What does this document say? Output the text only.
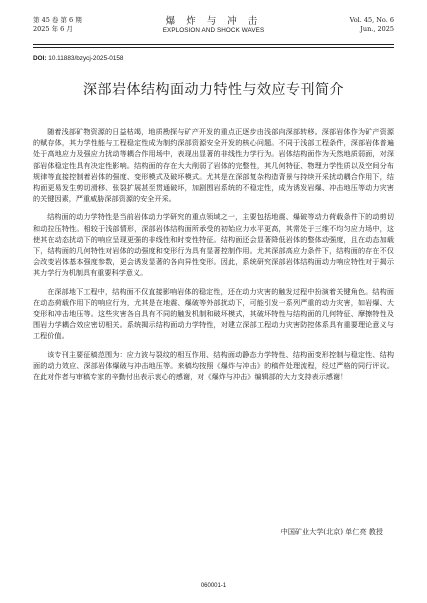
第 45 卷 第 6 期
2025 年 6 月
爆 炸 与 冲 击
EXPLOSION AND SHOCK WAVES
Vol. 45, No. 6
Jun., 2025
DOI: 10.11883/bzycj-2025-0158
深部岩体结构面动力特性与效应专刊简介

随着浅部矿物资源的日益枯竭，地质勘探与矿产开发的重点正逐步由浅部向深部转移。深部岩体作为矿产资源的赋存体，其力学性能与工程稳定性成为制约深部资源安全开发的核心问题。不同于浅部工程条件，深部岩体普遍处于高地应力及强应力扰动等耦合作用场中，表现出显著的非线性力学行为。岩体结构面作为天然地质弱面，对深部岩体稳定性具有决定性影响。结构面的存在大大削弱了岩体的完整性，其几何特征、物理力学性质以及空间分布规律等直接控制着岩体的强度、变形模式及破坏模式。尤其是在深部复杂构造背景与持续开采扰动耦合作用下，结构面更易发生剪切滑移、张裂扩展甚至贯通破坏，加剧围岩系统的不稳定性，成为诱发岩爆、冲击地压等动力灾害的关键因素，严重威胁深部资源的安全开采。

结构面的动力学特性是当前岩体动力学研究的重点领域之一，主要包括地震、爆破等动力荷载条件下的动剪切和动拉压特性。相较于浅部情形，深部岩体结构面所承受的初始应力水平更高，其常处于三维不均匀应力场中，这使其在动态扰动下的响应呈现更强的非线性和时变性特征。结构面还会显著降低岩体的整体动强度，且在动态加载下，结构面的几何特性对岩体的动强度和变形行为具有显著控制作用。尤其深部高应力条件下，结构面的存在不仅会改变岩体基本强度参数，更会诱发显著的各向异性变形。因此，系统研究深部岩体结构面动力响应特性对于揭示其力学行为机制具有重要科学意义。

在深部地下工程中，结构面不仅直接影响岩体的稳定性，还在动力灾害的触发过程中扮演着关键角色。结构面在动态荷载作用下的响应行为，尤其是在地震、爆破等外部扰动下，可能引发一系列严重的动力灾害，如岩爆、大变形和冲击地压等。这些灾害各自具有不同的触发机制和破坏模式，其破坏特性与结构面的几何特征、摩擦特性及围岩力学耦合效应密切相关。系统揭示结构面动力学特性，对建立深部工程动力灾害防控体系具有重要理论意义与工程价值。

该专刊主要征稿范围为：应力波与裂纹的相互作用、结构面动静态力学特性、结构面变形控制与稳定性、结构面的动力效应、深部岩体爆破与冲击地压等。来稿均按照《爆炸与冲击》的稿件处理流程，经过严格的同行评议。在此对作者与审稿专家的辛勤付出表示衷心的感谢，对《爆炸与冲击》编辑部的大力支持表示感谢！

中国矿业大学(北京) 单仁亮 教授
060001-1
